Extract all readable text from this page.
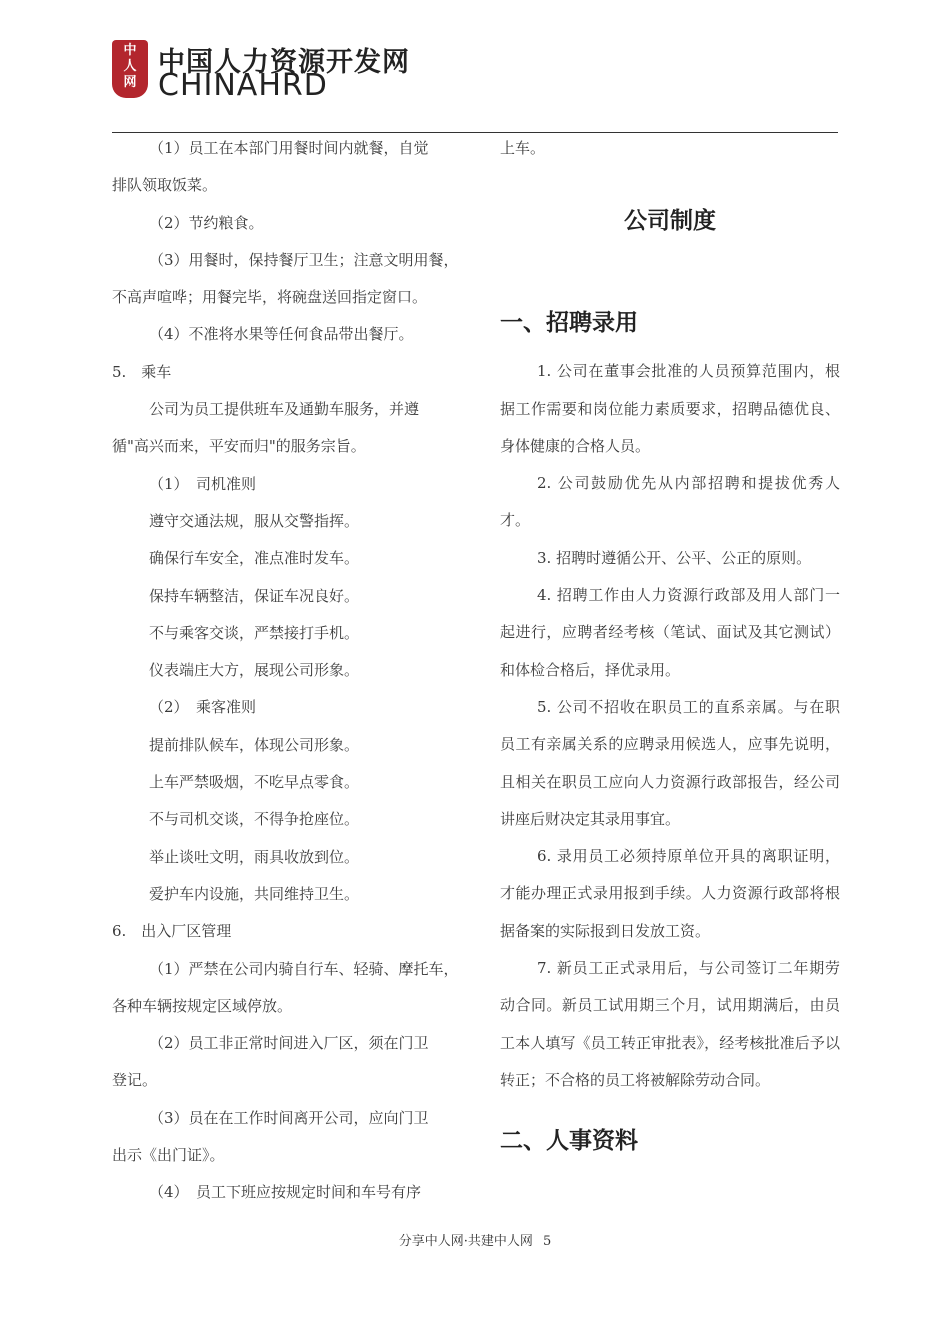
中
人
网
中国人力资源开发网
CHINAHRD

（1）员工在本部门用餐时间内就餐，自觉

排队领取饭菜。

（2）节约粮食。

（3）用餐时，保持餐厅卫生；注意文明用餐，

不高声喧哗；用餐完毕，将碗盘送回指定窗口。

（4）不准将水果等任何食品带出餐厅。

5.　乘车

公司为员工提供班车及通勤车服务，并遵

循"高兴而来，平安而归"的服务宗旨。

（1）　司机准则

遵守交通法规，服从交警指挥。

确保行车安全，准点准时发车。

保持车辆整洁，保证车况良好。

不与乘客交谈，严禁接打手机。

仪表端庄大方，展现公司形象。

（2）　乘客准则

提前排队候车，体现公司形象。

上车严禁吸烟，不吃早点零食。

不与司机交谈，不得争抢座位。

举止谈吐文明，雨具收放到位。

爱护车内设施，共同维持卫生。

6.　出入厂区管理

（1）严禁在公司内骑自行车、轻骑、摩托车，

各种车辆按规定区域停放。

（2）员工非正常时间进入厂区，须在门卫

登记。

（3）员在在工作时间离开公司，应向门卫

出示《出门证》。

（4）　员工下班应按规定时间和车号有序

上车。

公司制度
一、招聘录用

1. 公司在董事会批准的人员预算范围内，根据工作需要和岗位能力素质要求，招聘品德优良、身体健康的合格人员。

2. 公司鼓励优先从内部招聘和提拔优秀人才。

3. 招聘时遵循公开、公平、公正的原则。

4. 招聘工作由人力资源行政部及用人部门一起进行，应聘者经考核（笔试、面试及其它测试）和体检合格后，择优录用。

5. 公司不招收在职员工的直系亲属。与在职员工有亲属关系的应聘录用候选人，应事先说明，且相关在职员工应向人力资源行政部报告，经公司讲座后财决定其录用事宜。

6. 录用员工必须持原单位开具的离职证明，才能办理正式录用报到手续。人力资源行政部将根据备案的实际报到日发放工资。

7. 新员工正式录用后，与公司签订二年期劳动合同。新员工试用期三个月，试用期满后，由员工本人填写《员工转正审批表》，经考核批准后予以转正；不合格的员工将被解除劳动合同。

二、人事资料
分享中人网·共建中人网 5
